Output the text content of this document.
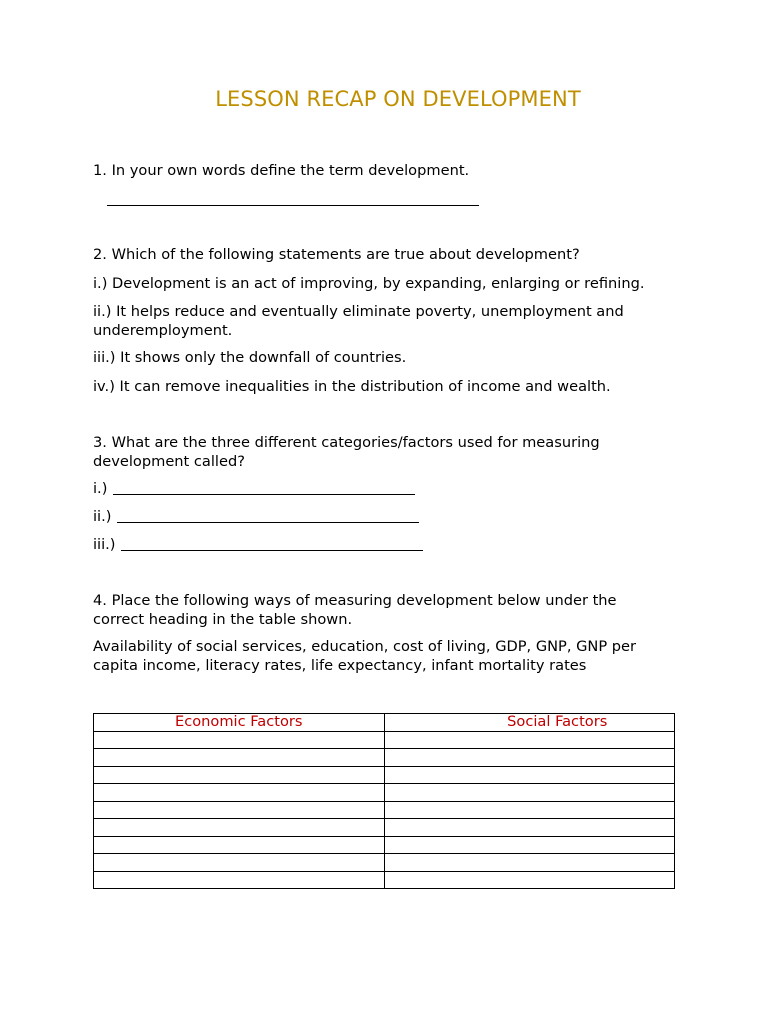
LESSON RECAP ON DEVELOPMENT
1. In your own words define the term development.
2. Which of the following statements are true about development?
i.) Development is an act of improving, by expanding, enlarging or refining.
ii.) It helps reduce and eventually eliminate poverty, unemployment and underemployment.
iii.) It shows only the downfall of countries.
iv.) It can remove inequalities in the distribution of income and wealth.
3. What are the three different categories/factors used for measuring development called?
i.)
ii.)
iii.)
4. Place the following ways of measuring development below under the correct heading in the table shown.
Availability of social services, education, cost of living, GDP, GNP, GNP per capita income, literacy rates, life expectancy, infant mortality rates
Economic Factors	Social Factors
